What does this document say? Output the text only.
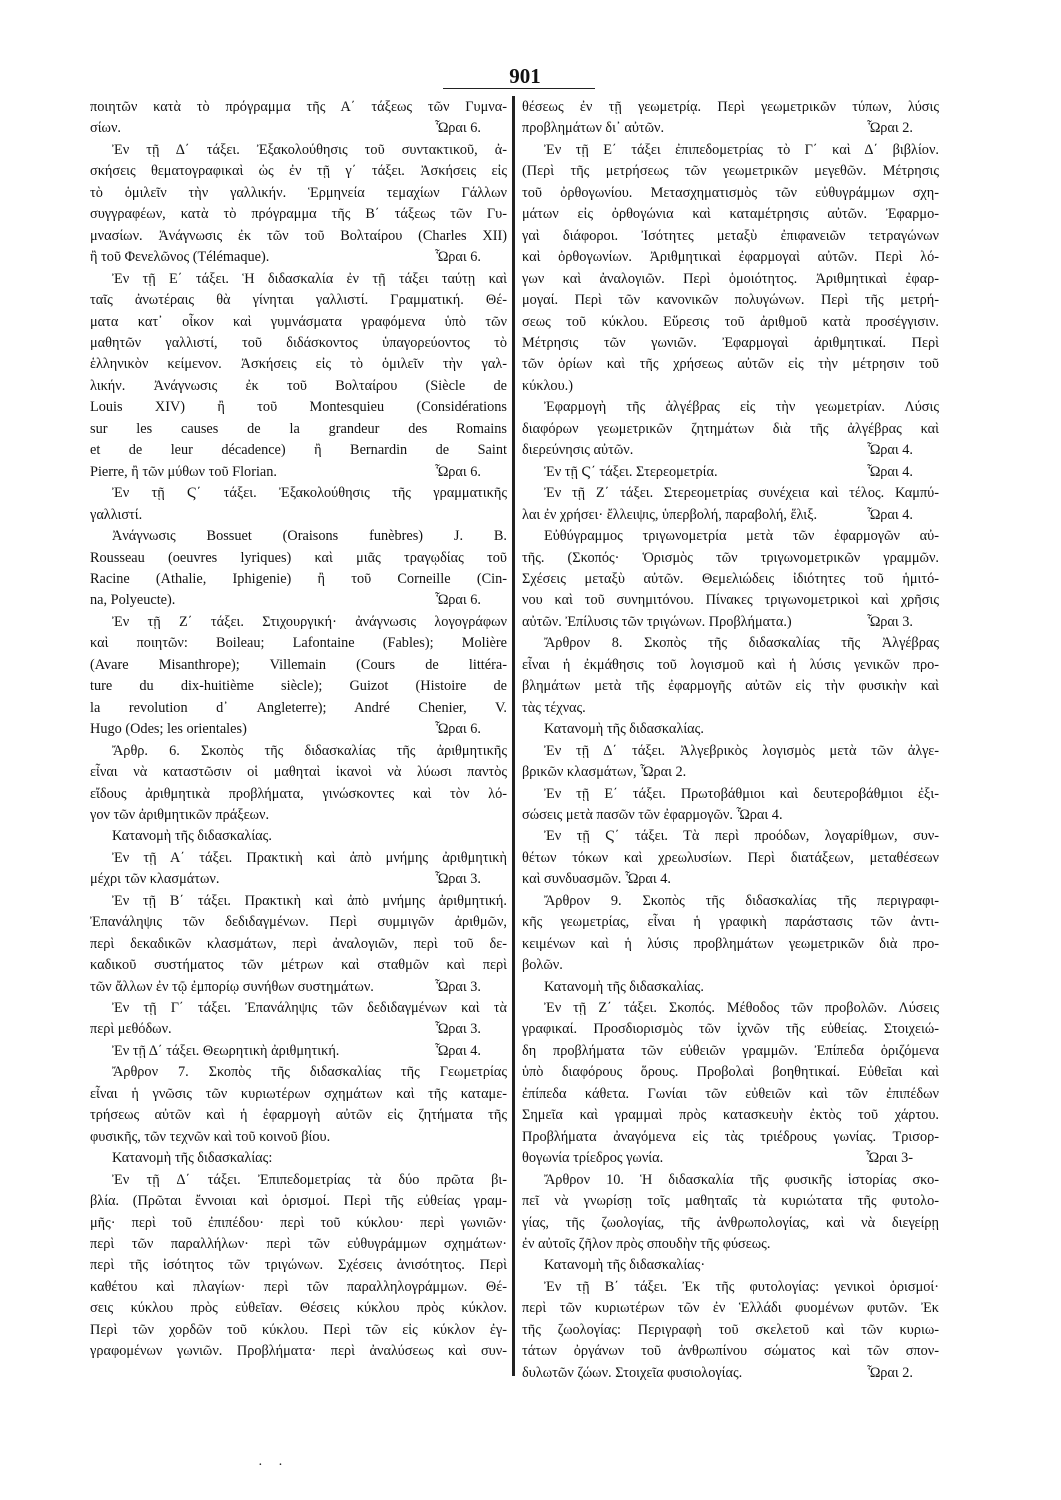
901
ποιητῶν κατὰ τὸ πρόγραμμα τῆς Α΄ τάξεως τῶν Γυμνα-
σίων.	Ὧραι 6.
Ἐν τῇ Δ΄ τάξει. Ἐξακολούθησις τοῦ συντακτικοῦ, ἀ-
σκήσεις θεματογραφικαὶ ὡς ἐν τῇ γ΄ τάξει. Ἀσκήσεις εἰς
τὸ ὁμιλεῖν τὴν γαλλικήν. Ἑρμηνεία τεμαχίων Γάλλων
συγγραφέων, κατὰ τὸ πρόγραμμα τῆς Β΄ τάξεως τῶν Γυ-
μνασίων. Ἀνάγνωσις ἐκ τῶν τοῦ Βολταίρου (Charles XII)
ἢ τοῦ Φενελῶνος (Télémaque).	Ὧραι 6.
Ἐν τῇ Ε΄ τάξει. Ἡ διδασκαλία ἐν τῇ τάξει ταύτῃ καὶ
ταῖς ἀνωτέραις θὰ γίνηται γαλλιστί. Γραμματική. Θέ-
ματα κατ᾽ οἶκον καὶ γυμνάσματα γραφόμενα ὑπὸ τῶν
μαθητῶν γαλλιστί, τοῦ διδάσκοντος ὑπαγορεύοντος τὸ
ἑλληνικὸν κείμενον. Ἀσκήσεις εἰς τὸ ὁμιλεῖν τὴν γαλ-
λικήν. Ἀνάγνωσις ἐκ τοῦ Βολταίρου (Siècle de
Louis XIV) ἢ τοῦ Montesquieu (Considérations
sur les causes de la grandeur des Romains
et de leur décadence) ἢ Bernardin de Saint
Pierre, ἢ τῶν μύθων τοῦ Florian.	Ὧραι 6.
Ἐν τῇ Ϛ΄ τάξει. Ἐξακολούθησις τῆς γραμματικῆς
γαλλιστί.
Ἀνάγνωσις Bossuet (Oraisons funèbres) J. B.
Rousseau (oeuvres lyriques) καὶ μιᾶς τραγῳδίας τοῦ
Racine (Athalie, Iphigenie) ἢ τοῦ Corneille (Cin-
na, Polyeucte).	Ὧραι 6.
Ἐν τῇ Ζ΄ τάξει. Στιχουργική· ἀνάγνωσις λογογράφων
καὶ ποιητῶν: Boileau; Lafontaine (Fables); Molière
(Avare Misanthrope); Villemain (Cours de littéra-
ture du dix-huitième siècle); Guizot (Histoire de
la revolution d᾽ Angleterre); André Chenier, V.
Hugo (Odes; les orientales)	Ὧραι 6.
Ἄρθρ. 6. Σκοπὸς τῆς διδασκαλίας τῆς ἀριθμητικῆς
εἶναι νὰ καταστῶσιν οἱ μαθηταὶ ἱκανοὶ νὰ λύωσι παντὸς
εἴδους ἀριθμητικὰ προβλήματα, γινώσκοντες καὶ τὸν λό-
γον τῶν ἀριθμητικῶν πράξεων.
Κατανομὴ τῆς διδασκαλίας.
Ἐν τῇ Α΄ τάξει. Πρακτικὴ καὶ ἀπὸ μνήμης ἀριθμητικὴ
μέχρι τῶν κλασμάτων.	Ὧραι 3.
Ἐν τῇ Β΄ τάξει. Πρακτικὴ καὶ ἀπὸ μνήμης ἀριθμητική.
Ἐπανάληψις τῶν δεδιδαγμένων. Περὶ συμμιγῶν ἀριθμῶν,
περὶ δεκαδικῶν κλασμάτων, περὶ ἀναλογιῶν, περὶ τοῦ δε-
καδικοῦ συστήματος τῶν μέτρων καὶ σταθμῶν καὶ περὶ
τῶν ἄλλων ἐν τῷ ἐμπορίῳ συνήθων συστημάτων.	Ὧραι 3.
Ἐν τῇ Γ΄ τάξει. Ἐπανάληψις τῶν δεδιδαγμένων καὶ τὰ
περὶ μεθόδων.	Ὧραι 3.
Ἐν τῇ Δ΄ τάξει. Θεωρητικὴ ἀριθμητική.	Ὧραι 4.
Ἄρθρον 7. Σκοπὸς τῆς διδασκαλίας τῆς Γεωμετρίας
εἶναι ἡ γνῶσις τῶν κυριωτέρων σχημάτων καὶ τῆς καταμε-
τρήσεως αὐτῶν καὶ ἡ ἐφαρμογὴ αὐτῶν εἰς ζητήματα τῆς
φυσικῆς, τῶν τεχνῶν καὶ τοῦ κοινοῦ βίου.
Κατανομὴ τῆς διδασκαλίας:
Ἐν τῇ Δ΄ τάξει. Ἐπιπεδομετρίας τὰ δύο πρῶτα βι-
βλία. (Πρῶται ἔννοιαι καὶ ὁρισμοί. Περὶ τῆς εὐθείας γραμ-
μῆς· περὶ τοῦ ἐπιπέδου· περὶ τοῦ κύκλου· περὶ γωνιῶν·
περὶ τῶν παραλλήλων· περὶ τῶν εὐθυγράμμων σχημάτων·
περὶ τῆς ἰσότητος τῶν τριγώνων. Σχέσεις ἀνισότητος. Περὶ
καθέτου καὶ πλαγίων· περὶ τῶν παραλληλογράμμων. Θέ-
σεις κύκλου πρὸς εὐθεῖαν. Θέσεις κύκλου πρὸς κύκλον.
Περὶ τῶν χορδῶν τοῦ κύκλου. Περὶ τῶν εἰς κύκλον ἐγ-
γραφομένων γωνιῶν. Προβλήματα· περὶ ἀναλύσεως καὶ συν-
θέσεως ἐν τῇ γεωμετρίᾳ. Περὶ γεωμετρικῶν τύπων, λύσις
προβλημάτων δι᾽ αὐτῶν.	Ὧραι 2.
Ἐν τῇ Ε΄ τάξει ἐπιπεδομετρίας τὸ Γ΄ καὶ Δ΄ βιβλίον.
(Περὶ τῆς μετρήσεως τῶν γεωμετρικῶν μεγεθῶν. Μέτρησις
τοῦ ὀρθογωνίου. Μετασχηματισμὸς τῶν εὐθυγράμμων σχη-
μάτων εἰς ὀρθογώνια καὶ καταμέτρησις αὐτῶν. Ἐφαρμο-
γαὶ διάφοροι. Ἰσότητες μεταξὺ ἐπιφανειῶν τετραγώνων
καὶ ὀρθογωνίων. Ἀριθμητικαὶ ἐφαρμογαὶ αὐτῶν. Περὶ λό-
γων καὶ ἀναλογιῶν. Περὶ ὁμοιότητος. Ἀριθμητικαὶ ἐφαρ-
μογαί. Περὶ τῶν κανονικῶν πολυγώνων. Περὶ τῆς μετρή-
σεως τοῦ κύκλου. Εὕρεσις τοῦ ἀριθμοῦ κατὰ προσέγγισιν.
Μέτρησις τῶν γωνιῶν. Ἐφαρμογαὶ ἀριθμητικαί. Περὶ
τῶν ὁρίων καὶ τῆς χρήσεως αὐτῶν εἰς τὴν μέτρησιν τοῦ
κύκλου.)
Ἐφαρμογὴ τῆς ἀλγέβρας εἰς τὴν γεωμετρίαν. Λύσις
διαφόρων γεωμετρικῶν ζητημάτων διὰ τῆς ἀλγέβρας καὶ
διερεύνησις αὐτῶν.	Ὧραι 4.
Ἐν τῇ Ϛ΄ τάξει. Στερεομετρία.	Ὧραι 4.
Ἐν τῇ Ζ΄ τάξει. Στερεομετρίας συνέχεια καὶ τέλος. Καμπύ-
λαι ἐν χρήσει· ἔλλειψις, ὑπερβολή, παραβολή, ἕλιξ.	Ὧραι 4.
Εὐθύγραμμος τριγωνομετρία μετὰ τῶν ἐφαρμογῶν αὐ-
τῆς. (Σκοπός· Ὁρισμὸς τῶν τριγωνομετρικῶν γραμμῶν.
Σχέσεις μεταξὺ αὐτῶν. Θεμελιώδεις ἰδιότητες τοῦ ἡμιτό-
νου καὶ τοῦ συνημιτόνου. Πίνακες τριγωνομετρικοὶ καὶ χρῆσις
αὐτῶν. Ἐπίλυσις τῶν τριγώνων. Προβλήματα.)	Ὧραι 3.
Ἄρθρον 8. Σκοπὸς τῆς διδασκαλίας τῆς Ἀλγέβρας
εἶναι ἡ ἐκμάθησις τοῦ λογισμοῦ καὶ ἡ λύσις γενικῶν προ-
βλημάτων μετὰ τῆς ἐφαρμογῆς αὐτῶν εἰς τὴν φυσικὴν καὶ
τὰς τέχνας.
Κατανομὴ τῆς διδασκαλίας.
Ἐν τῇ Δ΄ τάξει. Ἀλγεβρικὸς λογισμὸς μετὰ τῶν ἀλγε-
βρικῶν κλασμάτων, Ὧραι 2.
Ἐν τῇ Ε΄ τάξει. Πρωτοβάθμιοι καὶ δευτεροβάθμιοι ἐξι-
σώσεις μετὰ πασῶν τῶν ἐφαρμογῶν. Ὧραι 4.
Ἐν τῇ Ϛ΄ τάξει. Τὰ περὶ προόδων, λογαρίθμων, συν-
θέτων τόκων καὶ χρεωλυσίων. Περὶ διατάξεων, μεταθέσεων
καὶ συνδυασμῶν. Ὧραι 4.
Ἄρθρον 9. Σκοπὸς τῆς διδασκαλίας τῆς περιγραφι-
κῆς γεωμετρίας, εἶναι ἡ γραφικὴ παράστασις τῶν ἀντι-
κειμένων καὶ ἡ λύσις προβλημάτων γεωμετρικῶν διὰ προ-
βολῶν.
Κατανομὴ τῆς διδασκαλίας.
Ἐν τῇ Ζ΄ τάξει. Σκοπός. Μέθοδος τῶν προβολῶν. Λύσεις
γραφικαί. Προσδιορισμὸς τῶν ἰχνῶν τῆς εὐθείας. Στοιχειώ-
δη προβλήματα τῶν εὐθειῶν γραμμῶν. Ἐπίπεδα ὁριζόμενα
ὑπὸ διαφόρους ὅρους. Προβολαὶ βοηθητικαί. Εὐθεῖαι καὶ
ἐπίπεδα κάθετα. Γωνίαι τῶν εὐθειῶν καὶ τῶν ἐπιπέδων
Σημεῖα καὶ γραμμαὶ πρὸς κατασκευὴν ἐκτὸς τοῦ χάρτου.
Προβλήματα ἀναγόμενα εἰς τὰς τριέδρους γωνίας. Τρισορ-
θογωνία τρίεδρος γωνία.	Ὧραι 3-
Ἄρθρον 10. Ἡ διδασκαλία τῆς φυσικῆς ἱστορίας σκο-
πεῖ νὰ γνωρίσῃ τοῖς μαθηταῖς τὰ κυριώτατα τῆς φυτολο-
γίας, τῆς ζωολογίας, τῆς ἀνθρωπολογίας, καὶ νὰ διεγείρῃ
ἐν αὐτοῖς ζῆλον πρὸς σπουδὴν τῆς φύσεως.
Κατανομὴ τῆς διδασκαλίας·
Ἐν τῇ Β΄ τάξει. Ἐκ τῆς φυτολογίας: γενικοὶ ὁρισμοί·
περὶ τῶν κυριωτέρων τῶν ἐν Ἑλλάδι φυομένων φυτῶν. Ἐκ
τῆς ζωολογίας: Περιγραφὴ τοῦ σκελετοῦ καὶ τῶν κυριω-
τάτων ὀργάνων τοῦ ἀνθρωπίνου σώματος καὶ τῶν σπον-
δυλωτῶν ζώων. Στοιχεῖα φυσιολογίας.	Ὧραι 2.
· ·
